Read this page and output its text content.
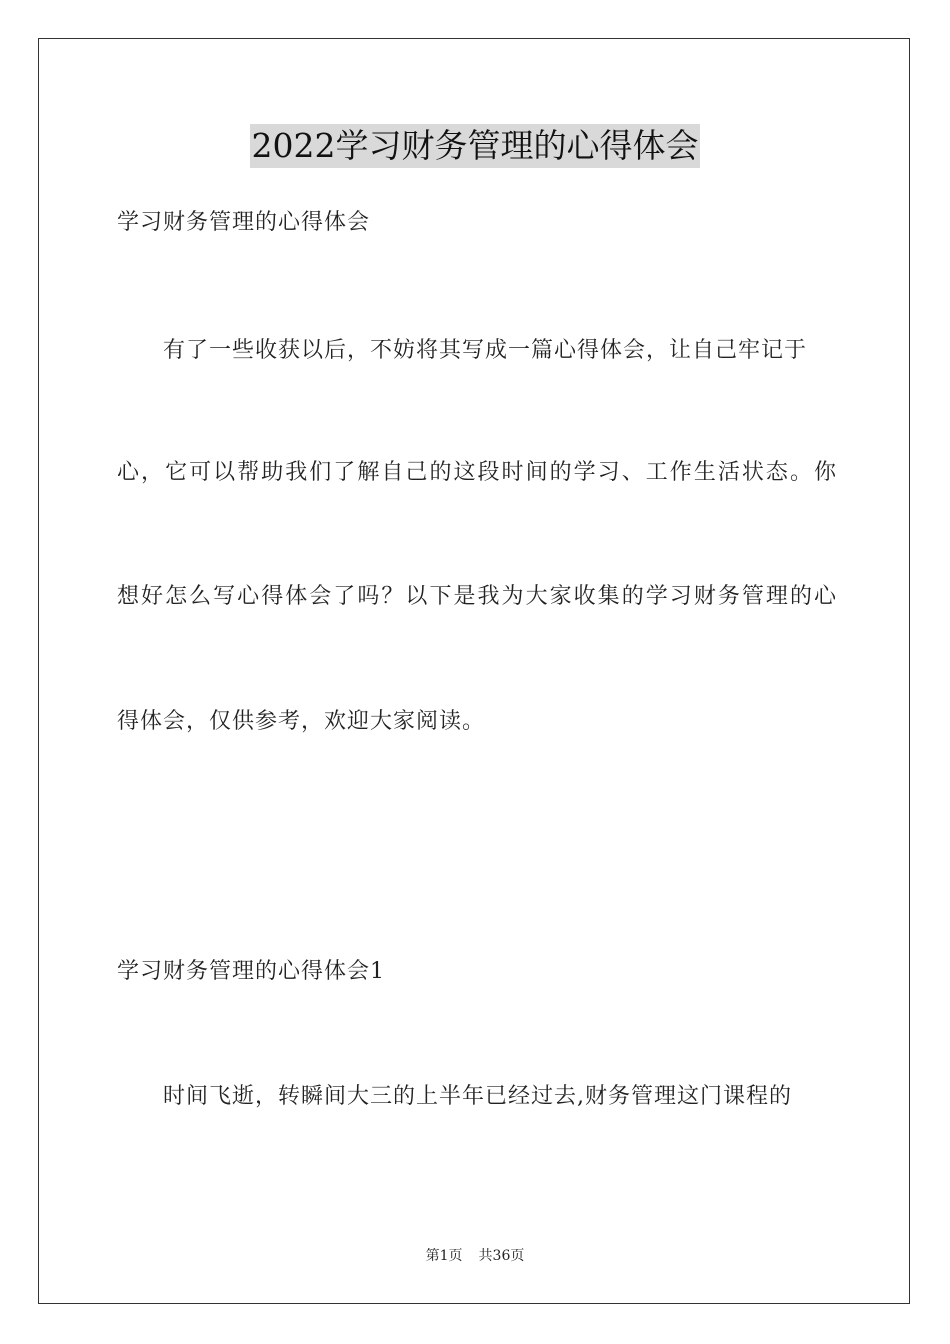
2022学习财务管理的心得体会
学习财务管理的心得体会
有了一些收获以后，不妨将其写成一篇心得体会，让自己牢记于
心，它可以帮助我们了解自己的这段时间的学习、工作生活状态。你
想好怎么写心得体会了吗？以下是我为大家收集的学习财务管理的心
得体会，仅供参考，欢迎大家阅读。
学习财务管理的心得体会1
时间飞逝，转瞬间大三的上半年已经过去,财务管理这门课程的
第1页 共36页
